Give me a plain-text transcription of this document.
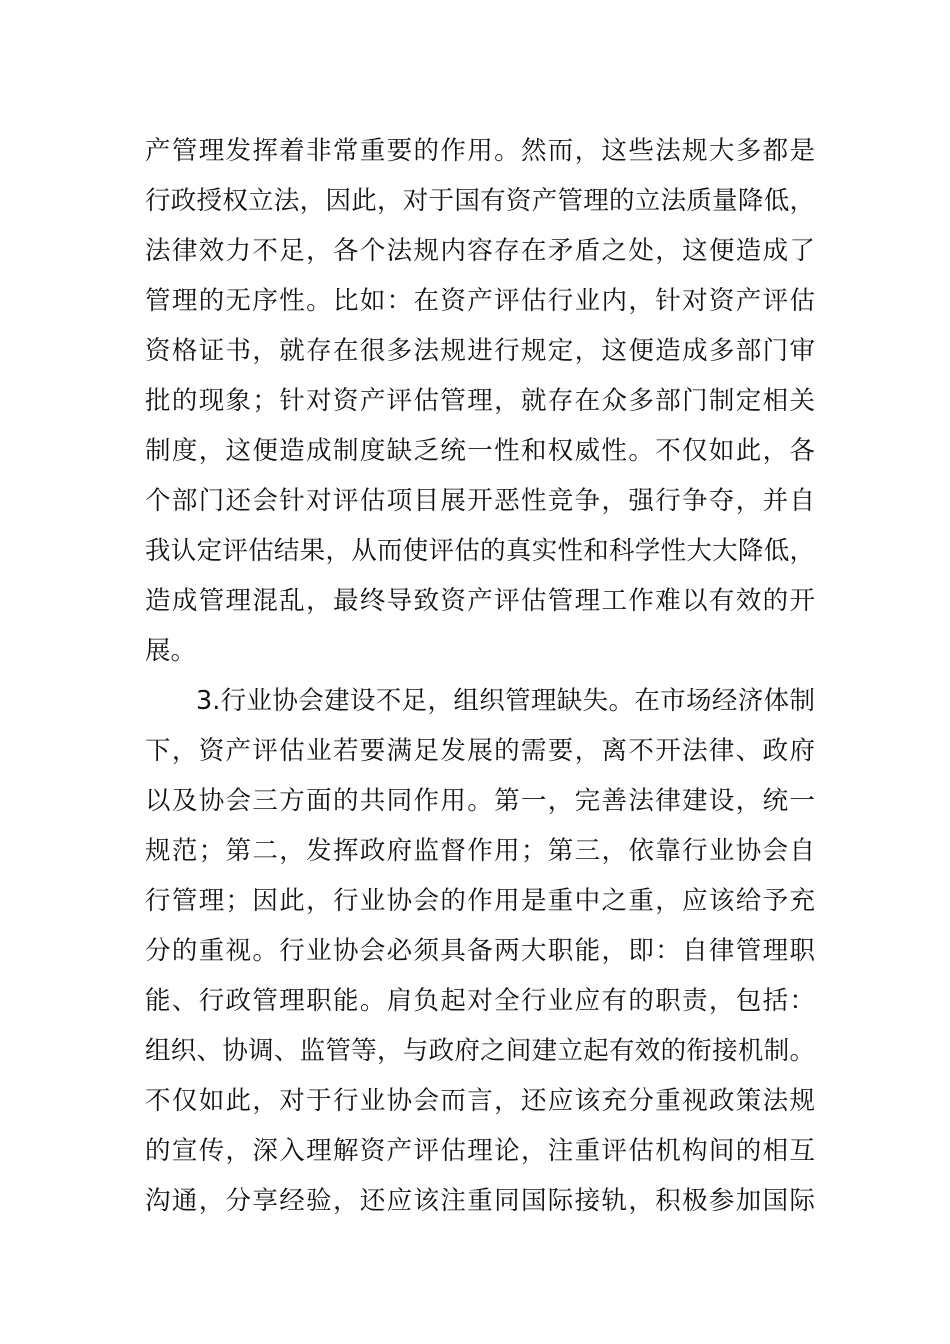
产管理发挥着非常重要的作用。然而，这些法规大多都是
行政授权立法，因此，对于国有资产管理的立法质量降低，
法律效力不足，各个法规内容存在矛盾之处，这便造成了
管理的无序性。比如：在资产评估行业内，针对资产评估
资格证书，就存在很多法规进行规定，这便造成多部门审
批的现象；针对资产评估管理，就存在众多部门制定相关
制度，这便造成制度缺乏统一性和权威性。不仅如此，各
个部门还会针对评估项目展开恶性竞争，强行争夺，并自
我认定评估结果，从而使评估的真实性和科学性大大降低，
造成管理混乱，最终导致资产评估管理工作难以有效的开
展。
3.行业协会建设不足，组织管理缺失。在市场经济体制
下，资产评估业若要满足发展的需要，离不开法律、政府
以及协会三方面的共同作用。第一，完善法律建设，统一
规范；第二，发挥政府监督作用；第三，依靠行业协会自
行管理；因此，行业协会的作用是重中之重，应该给予充
分的重视。行业协会必须具备两大职能，即：自律管理职
能、行政管理职能。肩负起对全行业应有的职责，包括：
组织、协调、监管等，与政府之间建立起有效的衔接机制。
不仅如此，对于行业协会而言，还应该充分重视政策法规
的宣传，深入理解资产评估理论，注重评估机构间的相互
沟通，分享经验，还应该注重同国际接轨，积极参加国际
